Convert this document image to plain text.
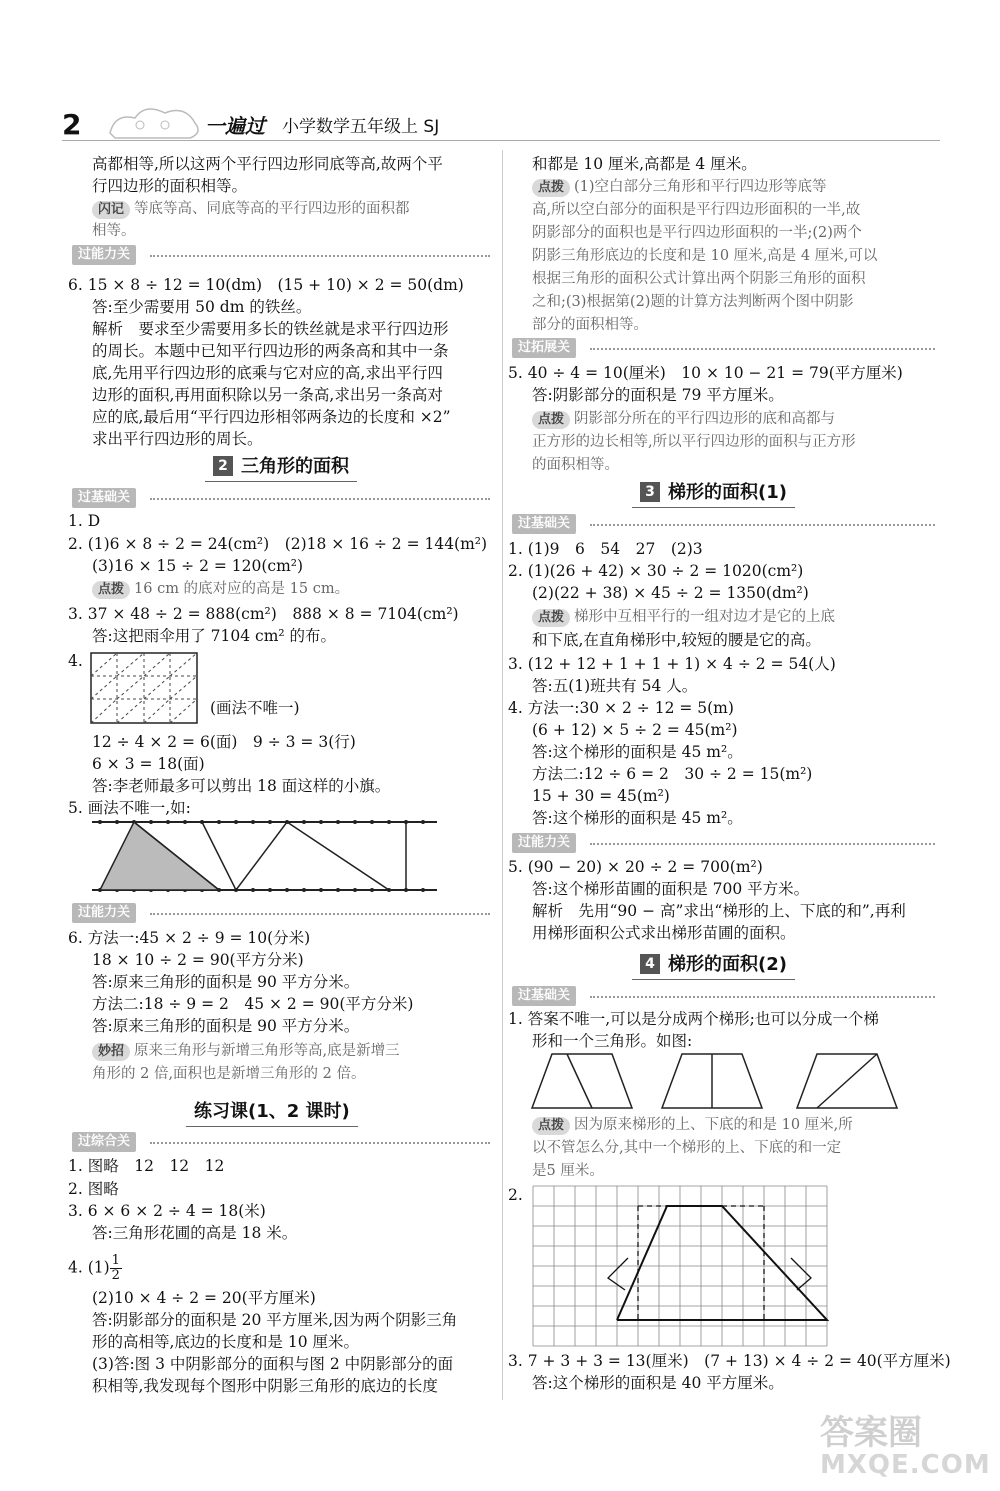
2	一遍过 小学数学五年级上 SJ
高都相等,所以这两个平行四边形同底等高,故两个平
行四边形的面积相等。
闪记 等底等高、同底等高的平行四边形的面积都
相等。
过能力关
6. 15 × 8 ÷ 12 = 10(dm)　(15 + 10) × 2 = 50(dm)
答:至少需要用 50 dm 的铁丝。
解析　要求至少需要用多长的铁丝就是求平行四边形
的周长。本题中已知平行四边形的两条高和其中一条
底,先用平行四边形的底乘与它对应的高,求出平行四
边形的面积,再用面积除以另一条高,求出另一条高对
应的底,最后用“平行四边形相邻两条边的长度和 ×2”
求出平行四边形的周长。
2 三角形的面积
过基础关
1. D
2. (1)6 × 8 ÷ 2 = 24(cm²)　(2)18 × 16 ÷ 2 = 144(m²)
(3)16 × 15 ÷ 2 = 120(cm²)
点拨 16 cm 的底对应的高是 15 cm。
3. 37 × 48 ÷ 2 = 888(cm²)　888 × 8 = 7104(cm²)
答:这把雨伞用了 7104 cm² 的布。
4.
(画法不唯一)
12 ÷ 4 × 2 = 6(面)　9 ÷ 3 = 3(行)
6 × 3 = 18(面)
答:李老师最多可以剪出 18 面这样的小旗。
5. 画法不唯一,如:
过能力关
6. 方法一:45 × 2 ÷ 9 = 10(分米)
18 × 10 ÷ 2 = 90(平方分米)
答:原来三角形的面积是 90 平方分米。
方法二:18 ÷ 9 = 2　45 × 2 = 90(平方分米)
答:原来三角形的面积是 90 平方分米。
妙招 原来三角形与新增三角形等高,底是新增三
角形的 2 倍,面积也是新增三角形的 2 倍。
练习课(1、2 课时)
过综合关
1. 图略　12　12　12
2. 图略
3. 6 × 6 × 2 ÷ 4 = 18(米)
答:三角形花圃的高是 18 米。
4. $(1) \frac{1}{2}$
(2)10 × 4 ÷ 2 = 20(平方厘米)
答:阴影部分的面积是 20 平方厘米,因为两个阴影三角
形的高相等,底边的长度和是 10 厘米。
(3)答:图 3 中阴影部分的面积与图 2 中阴影部分的面
积相等,我发现每个图形中阴影三角形的底边的长度
和都是 10 厘米,高都是 4 厘米。
点拨 (1)空白部分三角形和平行四边形等底等
高,所以空白部分的面积是平行四边形面积的一半,故
阴影部分的面积也是平行四边形面积的一半;(2)两个
阴影三角形底边的长度和是 10 厘米,高是 4 厘米,可以
根据三角形的面积公式计算出两个阴影三角形的面积
之和;(3)根据第(2)题的计算方法判断两个图中阴影
部分的面积相等。
过拓展关
5. 40 ÷ 4 = 10(厘米)　10 × 10 − 21 = 79(平方厘米)
答:阴影部分的面积是 79 平方厘米。
点拨 阴影部分所在的平行四边形的底和高都与
正方形的边长相等,所以平行四边形的面积与正方形
的面积相等。
3 梯形的面积(1)
过基础关
1. (1)9　6　54　27　(2)3
2. (1)(26 + 42) × 30 ÷ 2 = 1020(cm²)
(2)(22 + 38) × 45 ÷ 2 = 1350(dm²)
点拨 梯形中互相平行的一组对边才是它的上底
和下底,在直角梯形中,较短的腰是它的高。
3. (12 + 12 + 1 + 1 + 1) × 4 ÷ 2 = 54(人)
答:五(1)班共有 54 人。
4. 方法一:30 × 2 ÷ 12 = 5(m)
(6 + 12) × 5 ÷ 2 = 45(m²)
答:这个梯形的面积是 45 m²。
方法二:12 ÷ 6 = 2　30 ÷ 2 = 15(m²)
15 + 30 = 45(m²)
答:这个梯形的面积是 45 m²。
过能力关
5. (90 − 20) × 20 ÷ 2 = 700(m²)
答:这个梯形苗圃的面积是 700 平方米。
解析　先用“90 − 高”求出“梯形的上、下底的和”,再利
用梯形面积公式求出梯形苗圃的面积。
4 梯形的面积(2)
过基础关
1. 答案不唯一,可以是分成两个梯形;也可以分成一个梯
形和一个三角形。如图:
点拨 因为原来梯形的上、下底的和是 10 厘米,所
以不管怎么分,其中一个梯形的上、下底的和一定
是5 厘米。
2.
3. 7 + 3 + 3 = 13(厘米)　(7 + 13) × 4 ÷ 2 = 40(平方厘米)
答:这个梯形的面积是 40 平方厘米。
答案圈
MXQE.COM
